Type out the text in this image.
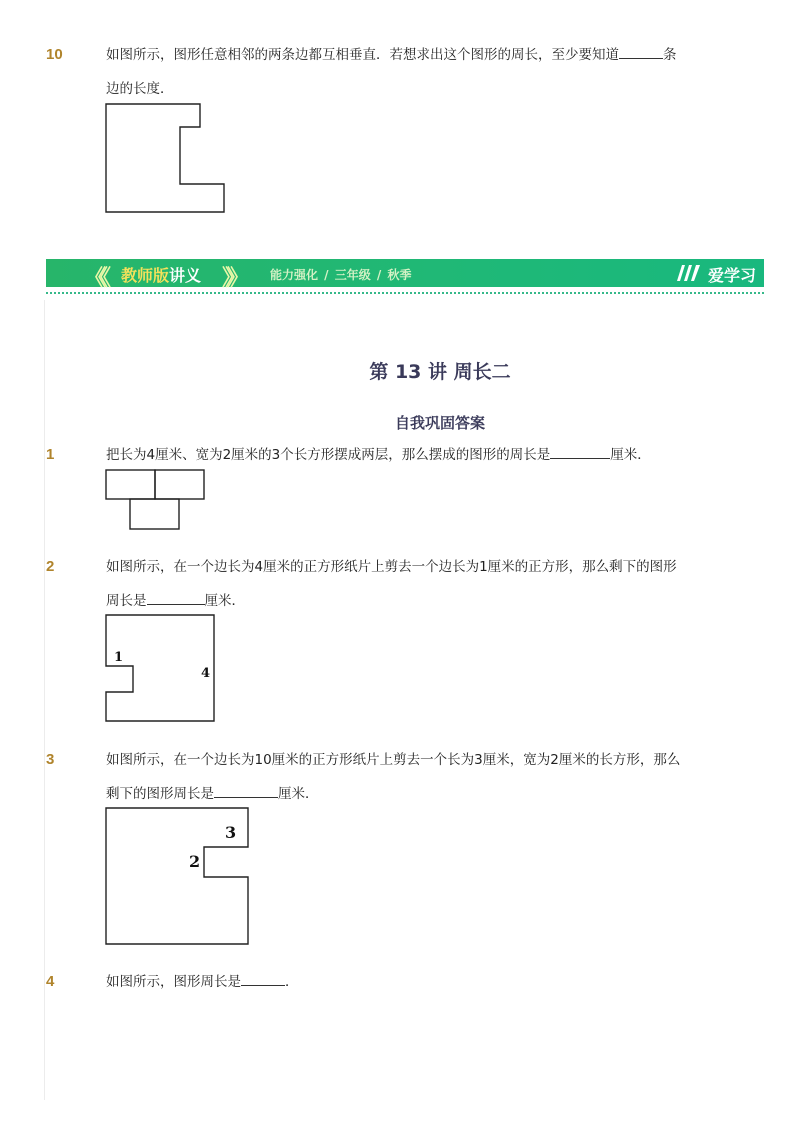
10	如图所示，图形任意相邻的两条边都互相垂直．若想求出这个图形的周长，至少要知道	条
边的长度．
《《 教师版讲义 》》 能力强化 / 三年级 / 秋季	爱学习
第 13 讲 周长二
自我巩固答案
1	把长为4厘米、宽为2厘米的3个长方形摆成两层，那么摆成的图形的周长是	厘米．
2	如图所示，在一个边长为4厘米的正方形纸片上剪去一个边长为1厘米的正方形，那么剩下的图形
周长是	厘米．
1
4
3	如图所示，在一个边长为10厘米的正方形纸片上剪去一个长为3厘米，宽为2厘米的长方形，那么
剩下的图形周长是	厘米．
3
2
4	如图所示，图形周长是	．
